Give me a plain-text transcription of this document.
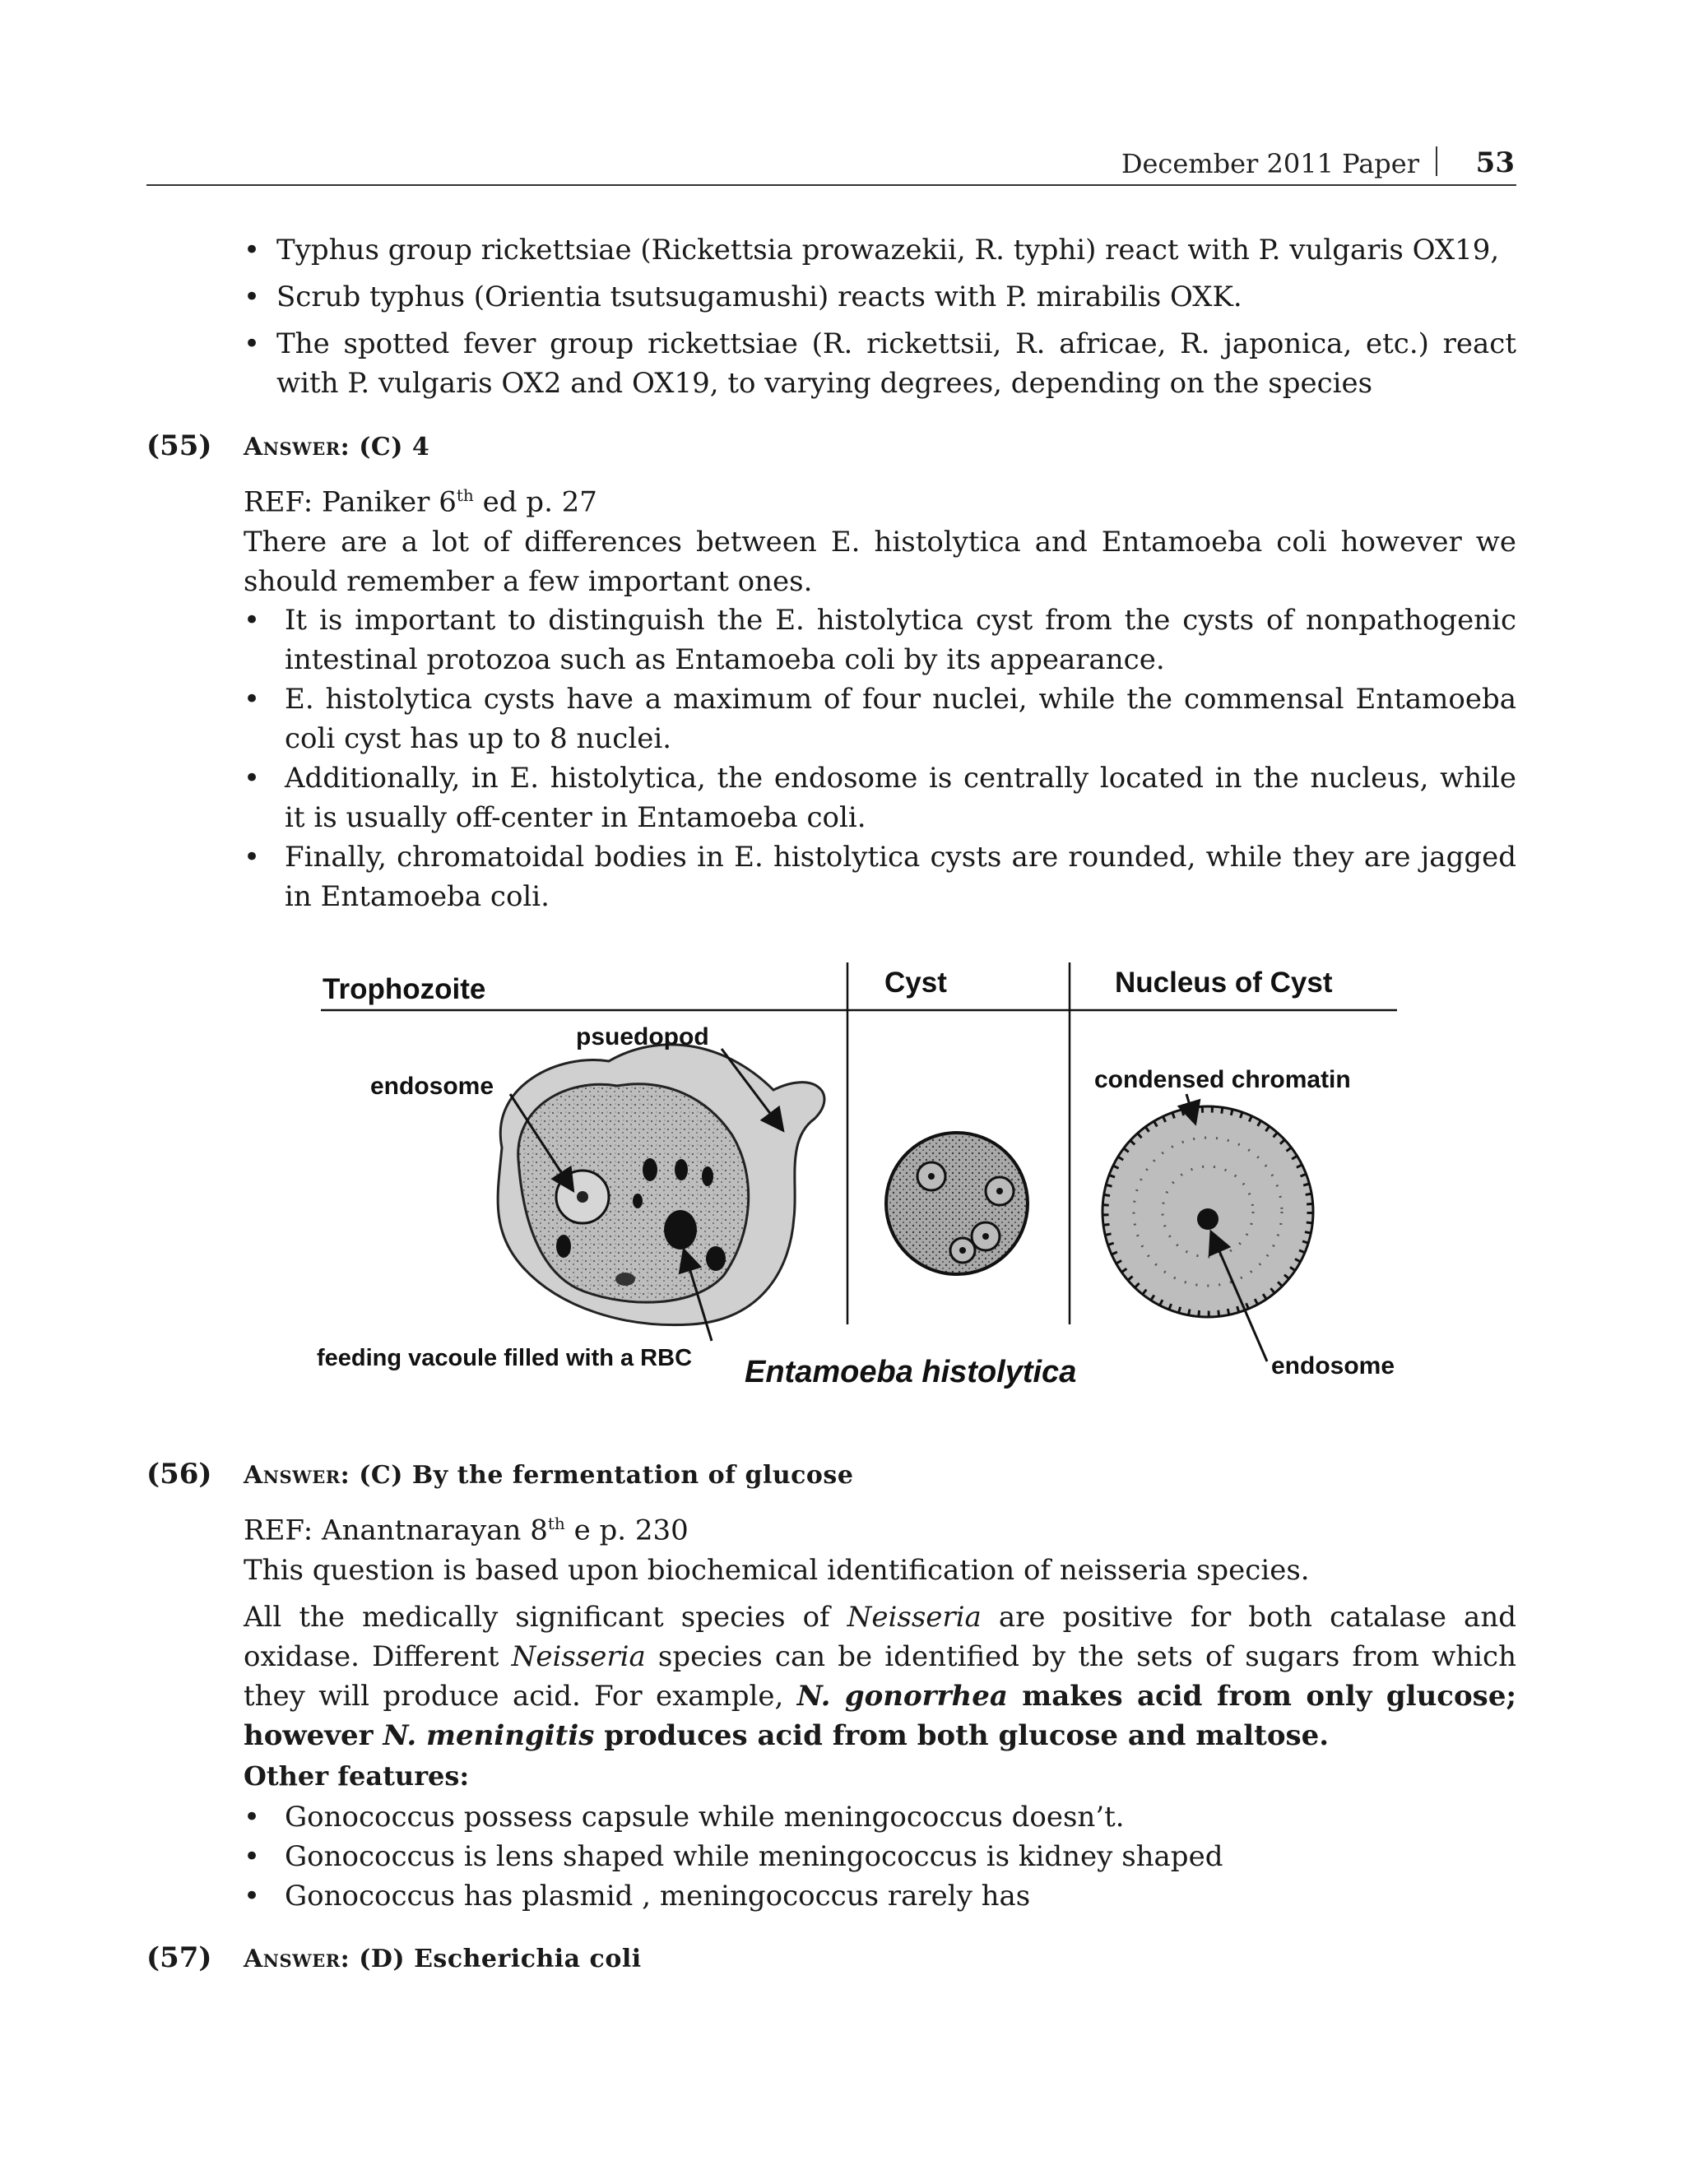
December 2011 Paper 53
• Typhus group rickettsiae (Rickettsia prowazekii, R. typhi) react with P. vulgaris OX19,
• Scrub typhus (Orientia tsutsugamushi) reacts with P. mirabilis OXK.
• The spotted fever group rickettsiae (R. rickettsii, R. africae, R. japonica, etc.) react with P. vulgaris OX2 and OX19, to varying degrees, depending on the species
(55) Answer: (C) 4
REF: Paniker 6th ed p. 27
There are a lot of differences between E. histolytica and Entamoeba coli however we should remember a few important ones.
• It is important to distinguish the E. histolytica cyst from the cysts of nonpathogenic intestinal protozoa such as Entamoeba coli by its appearance.
• E. histolytica cysts have a maximum of four nuclei, while the commensal Entamoeba coli cyst has up to 8 nuclei.
• Additionally, in E. histolytica, the endosome is centrally located in the nucleus, while it is usually off-center in Entamoeba coli.
• Finally, chromatoidal bodies in E. histolytica cysts are rounded, while they are jagged in Entamoeba coli.
Trophozoite	Cyst	Nucleus of Cyst
psuedopod
endosome
feeding vacoule filled with a RBC
condensed chromatin
endosome
Entamoeba histolytica
(56) Answer: (C) By the fermentation of glucose
REF: Anantnarayan 8th e p. 230
This question is based upon biochemical identification of neisseria species.
All the medically significant species of Neisseria are positive for both catalase and oxidase. Different Neisseria species can be identified by the sets of sugars from which they will produce acid. For example, N. gonorrhea makes acid from only glucose; however N. meningitis produces acid from both glucose and maltose.
Other features:
• Gonococcus possess capsule while meningococcus doesn’t.
• Gonococcus is lens shaped while meningococcus is kidney shaped
• Gonococcus has plasmid , meningococcus rarely has
(57) Answer: (D) Escherichia coli
